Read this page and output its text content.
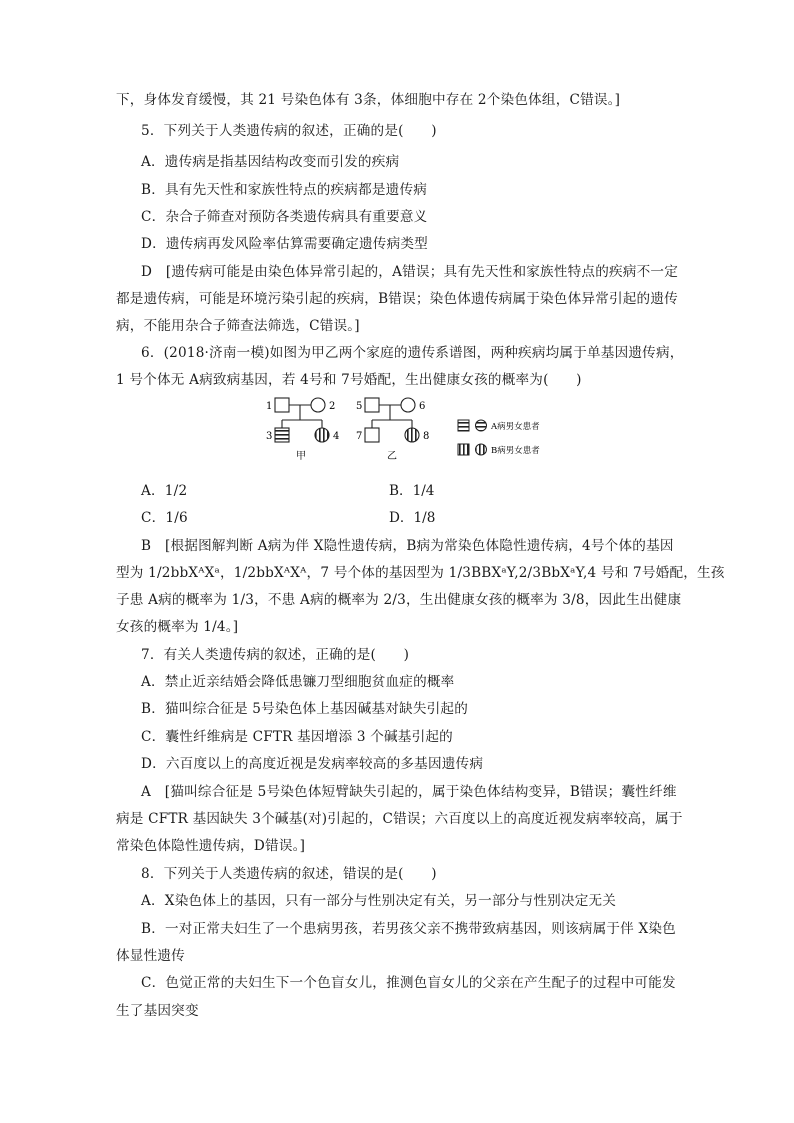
下，身体发育缓慢，其 21 号染色体有 3条，体细胞中存在 2个染色体组，C错误。]
5．下列关于人类遗传病的叙述，正确的是(　　)
A．遗传病是指基因结构改变而引发的疾病
B．具有先天性和家族性特点的疾病都是遗传病
C．杂合子筛查对预防各类遗传病具有重要意义
D．遗传病再发风险率估算需要确定遗传病类型
D　[遗传病可能是由染色体异常引起的，A错误；具有先天性和家族性特点的疾病不一定
都是遗传病，可能是环境污染引起的疾病，B错误；染色体遗传病属于染色体异常引起的遗传
病，不能用杂合子筛查法筛选，C错误。]
6．(2018·济南一模)如图为甲乙两个家庭的遗传系谱图，两种疾病均属于单基因遗传病，
1 号个体无 A病致病基因，若 4号和 7号婚配，生出健康女孩的概率为(　　)
1	2
3	4
甲
5	6
7	8
乙
A病男女患者
B病男女患者
A．1/2	B．1/4
C．1/6	D．1/8
B　[根据图解判断 A病为伴 X隐性遗传病，B病为常染色体隐性遗传病，4号个体的基因
型为 1/2bbXᴬXᵃ，1/2bbXᴬXᴬ，7 号个体的基因型为 1/3BBXᵃY,2/3BbXᵃY,4 号和 7号婚配，生孩
子患 A病的概率为 1/3，不患 A病的概率为 2/3，生出健康女孩的概率为 3/8，因此生出健康
女孩的概率为 1/4。]
7．有关人类遗传病的叙述，正确的是(　　)
A．禁止近亲结婚会降低患镰刀型细胞贫血症的概率
B．猫叫综合征是 5号染色体上基因碱基对缺失引起的
C．囊性纤维病是 CFTR 基因增添 3 个碱基引起的
D．六百度以上的高度近视是发病率较高的多基因遗传病
A　[猫叫综合征是 5号染色体短臂缺失引起的，属于染色体结构变异，B错误；囊性纤维
病是 CFTR 基因缺失 3个碱基(对)引起的，C错误；六百度以上的高度近视发病率较高，属于
常染色体隐性遗传病，D错误。]
8．下列关于人类遗传病的叙述，错误的是(　　)
A．X染色体上的基因，只有一部分与性别决定有关，另一部分与性别决定无关
B．一对正常夫妇生了一个患病男孩，若男孩父亲不携带致病基因，则该病属于伴 X染色
体显性遗传
C．色觉正常的夫妇生下一个色盲女儿，推测色盲女儿的父亲在产生配子的过程中可能发
生了基因突变
